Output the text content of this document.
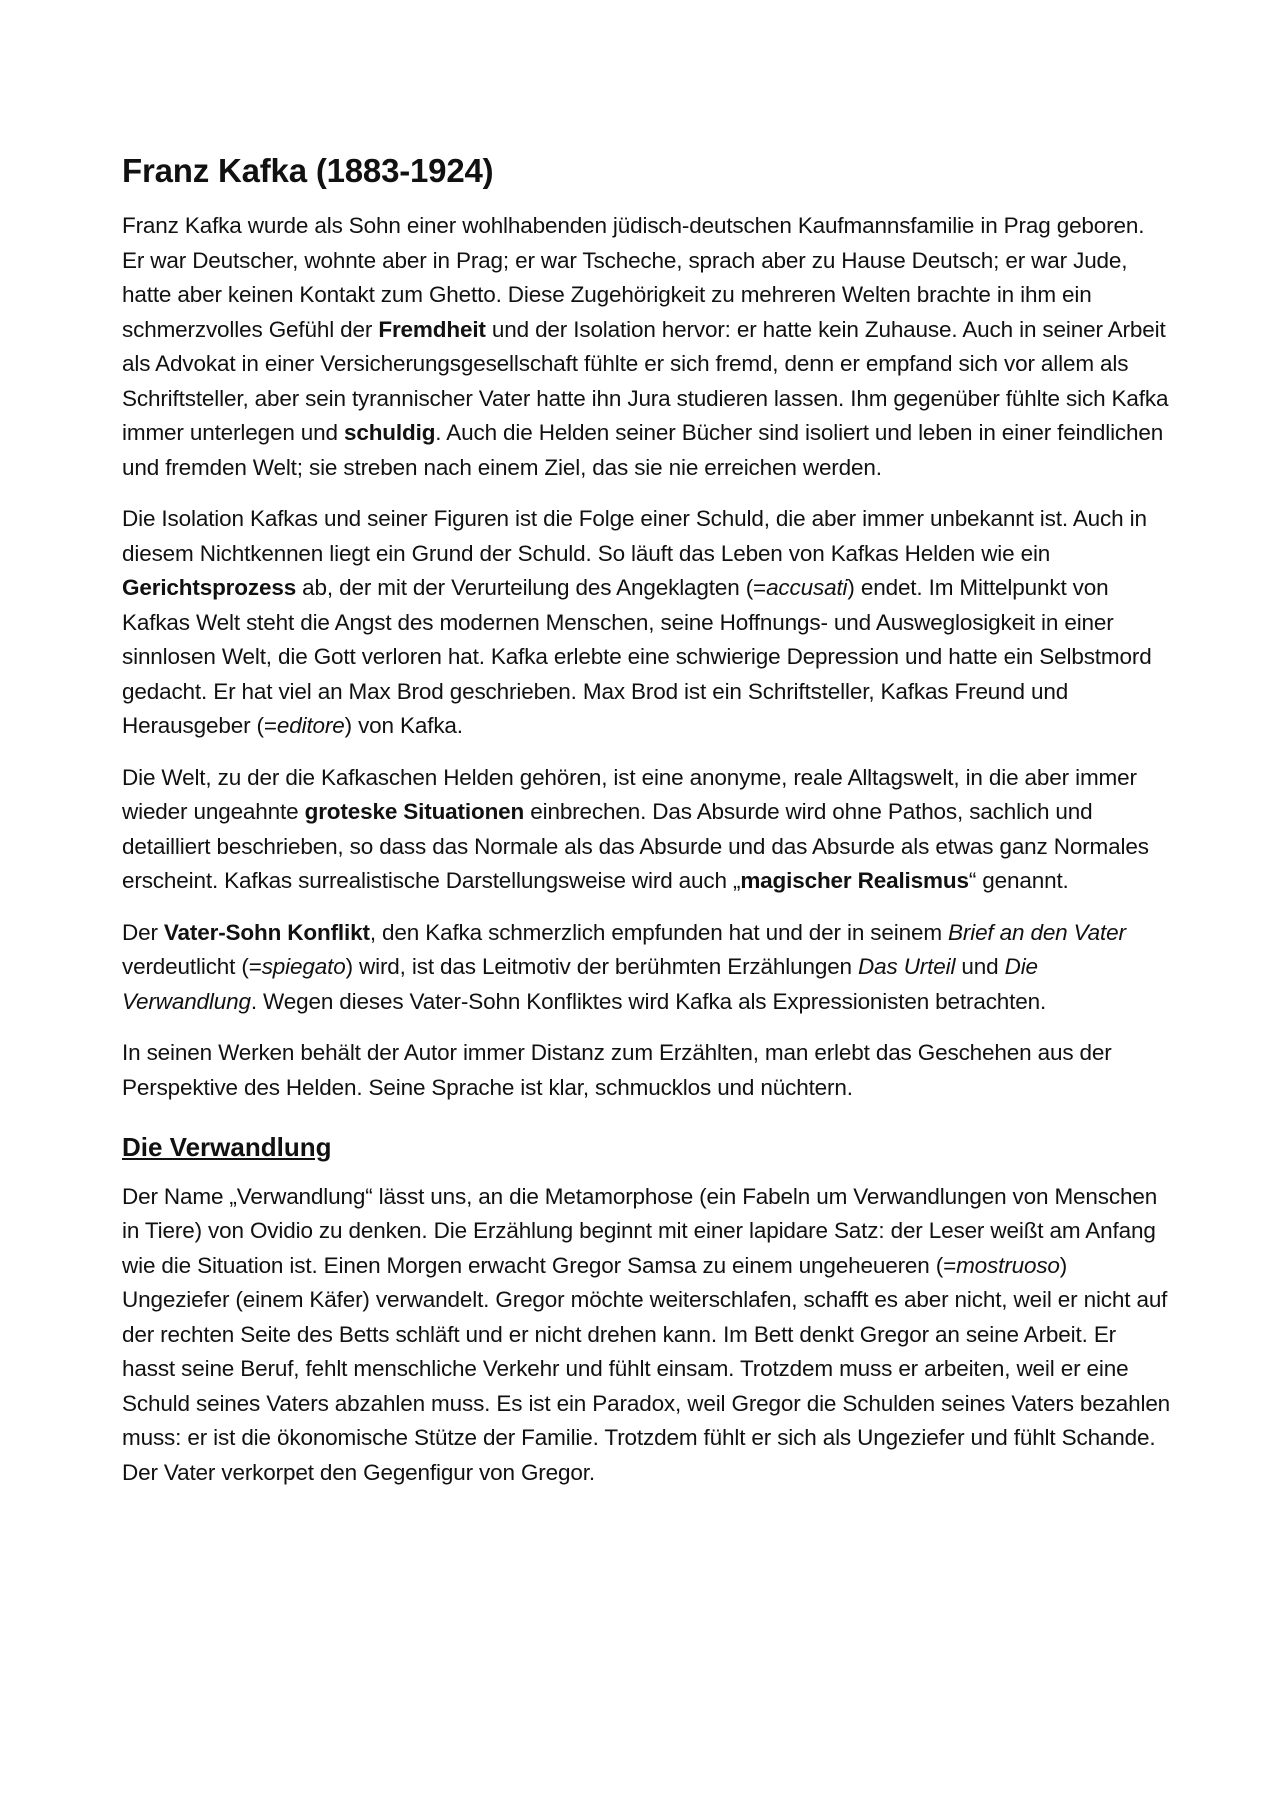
Franz Kafka (1883-1924)

Franz Kafka wurde als Sohn einer wohlhabenden jüdisch-deutschen Kaufmannsfamilie in Prag geboren. Er war Deutscher, wohnte aber in Prag; er war Tscheche, sprach aber zu Hause Deutsch; er war Jude, hatte aber keinen Kontakt zum Ghetto. Diese Zugehörigkeit zu mehreren Welten brachte in ihm ein schmerzvolles Gefühl der Fremdheit und der Isolation hervor: er hatte kein Zuhause. Auch in seiner Arbeit als Advokat in einer Versicherungsgesellschaft fühlte er sich fremd, denn er empfand sich vor allem als Schriftsteller, aber sein tyrannischer Vater hatte ihn Jura studieren lassen. Ihm gegenüber fühlte sich Kafka immer unterlegen und schuldig. Auch die Helden seiner Bücher sind isoliert und leben in einer feindlichen und fremden Welt; sie streben nach einem Ziel, das sie nie erreichen werden.

Die Isolation Kafkas und seiner Figuren ist die Folge einer Schuld, die aber immer unbekannt ist. Auch in diesem Nichtkennen liegt ein Grund der Schuld. So läuft das Leben von Kafkas Helden wie ein Gerichtsprozess ab, der mit der Verurteilung des Angeklagten (=accusati) endet. Im Mittelpunkt von Kafkas Welt steht die Angst des modernen Menschen, seine Hoffnungs- und Ausweglosigkeit in einer sinnlosen Welt, die Gott verloren hat. Kafka erlebte eine schwierige Depression und hatte ein Selbstmord gedacht. Er hat viel an Max Brod geschrieben. Max Brod ist ein Schriftsteller, Kafkas Freund und Herausgeber (=editore) von Kafka.

Die Welt, zu der die Kafkaschen Helden gehören, ist eine anonyme, reale Alltagswelt, in die aber immer wieder ungeahnte groteske Situationen einbrechen. Das Absurde wird ohne Pathos, sachlich und detailliert beschrieben, so dass das Normale als das Absurde und das Absurde als etwas ganz Normales erscheint. Kafkas surrealistische Darstellungsweise wird auch „magischer Realismus“ genannt.

Der Vater-Sohn Konflikt, den Kafka schmerzlich empfunden hat und der in seinem Brief an den Vater verdeutlicht (=spiegato) wird, ist das Leitmotiv der berühmten Erzählungen Das Urteil und Die Verwandlung. Wegen dieses Vater-Sohn Konfliktes wird Kafka als Expressionisten betrachten.

In seinen Werken behält der Autor immer Distanz zum Erzählten, man erlebt das Geschehen aus der Perspektive des Helden. Seine Sprache ist klar, schmucklos und nüchtern.

Die Verwandlung

Der Name „Verwandlung“ lässt uns, an die Metamorphose (ein Fabeln um Verwandlungen von Menschen in Tiere) von Ovidio zu denken. Die Erzählung beginnt mit einer lapidare Satz: der Leser weißt am Anfang wie die Situation ist. Einen Morgen erwacht Gregor Samsa zu einem ungeheueren (=mostruoso) Ungeziefer (einem Käfer) verwandelt. Gregor möchte weiterschlafen, schafft es aber nicht, weil er nicht auf der rechten Seite des Betts schläft und er nicht drehen kann. Im Bett denkt Gregor an seine Arbeit. Er hasst seine Beruf, fehlt menschliche Verkehr und fühlt einsam. Trotzdem muss er arbeiten, weil er eine Schuld seines Vaters abzahlen muss. Es ist ein Paradox, weil Gregor die Schulden seines Vaters bezahlen muss: er ist die ökonomische Stütze der Familie. Trotzdem fühlt er sich als Ungeziefer und fühlt Schande. Der Vater verkorpet den Gegenfigur von Gregor.
